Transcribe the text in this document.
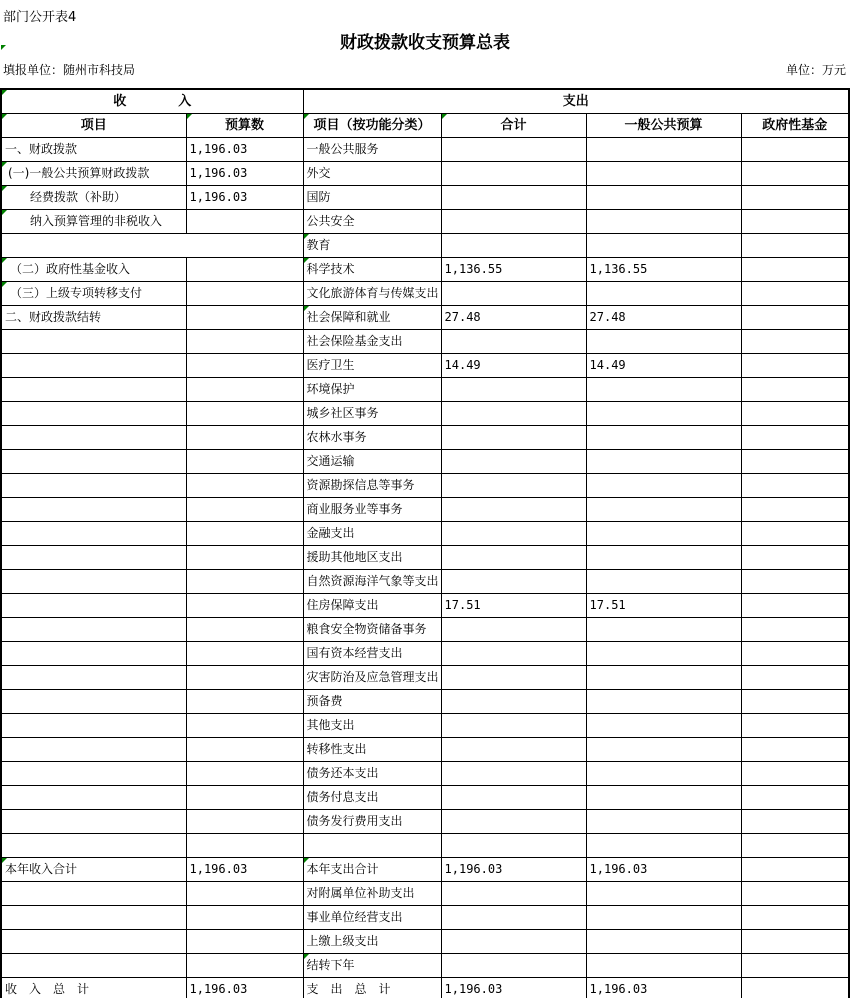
部门公开表4
财政拨款收支预算总表
填报单位：随州市科技局	单位：万元
收　　　　入		支出			
项目	预算数	项目（按功能分类）	合计	一般公共预算	政府性基金
一、财政拨款	1,196.03	一般公共服务			
(一)一般公共预算财政拨款	1,196.03	外交			
经费拨款（补助）	1,196.03	国防			
纳入预算管理的非税收入		公共安全			
		教育			
（二）政府性基金收入		科学技术	1,136.55	1,136.55	
（三）上级专项转移支付		文化旅游体育与传媒支出			
二、财政拨款结转		社会保障和就业	27.48	27.48	
		社会保险基金支出			
		医疗卫生	14.49	14.49	
		环境保护			
		城乡社区事务			
		农林水事务			
		交通运输			
		资源勘探信息等事务			
		商业服务业等事务			
		金融支出			
		援助其他地区支出			
		自然资源海洋气象等支出			
		住房保障支出	17.51	17.51	
		粮食安全物资储备事务			
		国有资本经营支出			
		灾害防治及应急管理支出			
		预备费			
		其他支出			
		转移性支出			
		债务还本支出			
		债务付息支出			
		债务发行费用支出			

本年收入合计	1,196.03	本年支出合计	1,196.03	1,196.03	
		对附属单位补助支出			
		事业单位经营支出			
		上缴上级支出			
		结转下年			
收　入　总　计	1,196.03	支　出　总　计	1,196.03	1,196.03	
